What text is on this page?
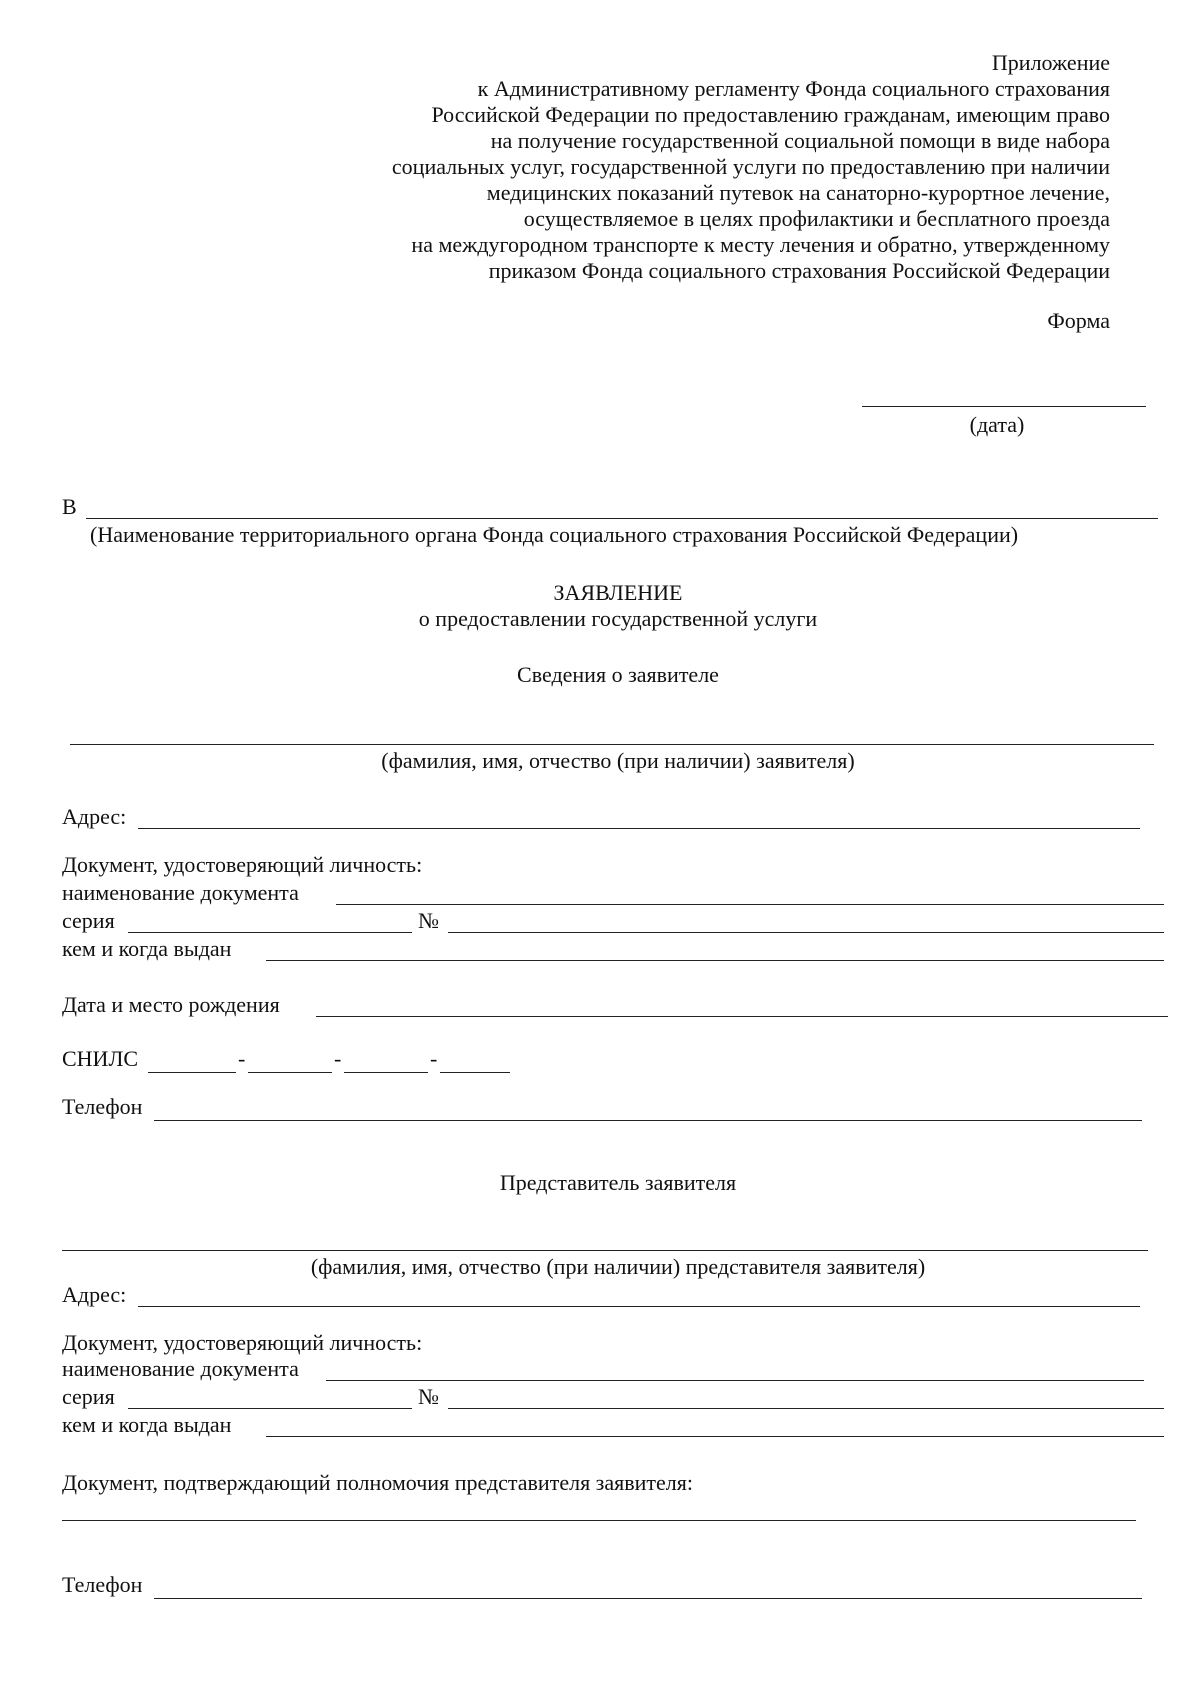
Приложение
к Административному регламенту Фонда социального страхования
Российской Федерации по предоставлению гражданам, имеющим право
на получение государственной социальной помощи в виде набора
социальных услуг, государственной услуги по предоставлению при наличии
медицинских показаний путевок на санаторно-курортное лечение,
осуществляемое в целях профилактики и бесплатного проезда
на междугородном транспорте к месту лечения и обратно, утвержденному
приказом Фонда социального страхования Российской Федерации
Форма
(дата)
В
(Наименование территориального органа Фонда социального страхования Российской Федерации)
ЗАЯВЛЕНИЕ
о предоставлении государственной услуги
Сведения о заявителе
(фамилия, имя, отчество (при наличии) заявителя)
Адрес:
Документ, удостоверяющий личность:
наименование документа
серия	№
кем и когда выдан
Дата и место рождения
СНИЛС	-	-	-
Телефон
Представитель заявителя
(фамилия, имя, отчество (при наличии) представителя заявителя)
Адрес:
Документ, удостоверяющий личность:
наименование документа
серия	№
кем и когда выдан
Документ, подтверждающий полномочия представителя заявителя:
Телефон
